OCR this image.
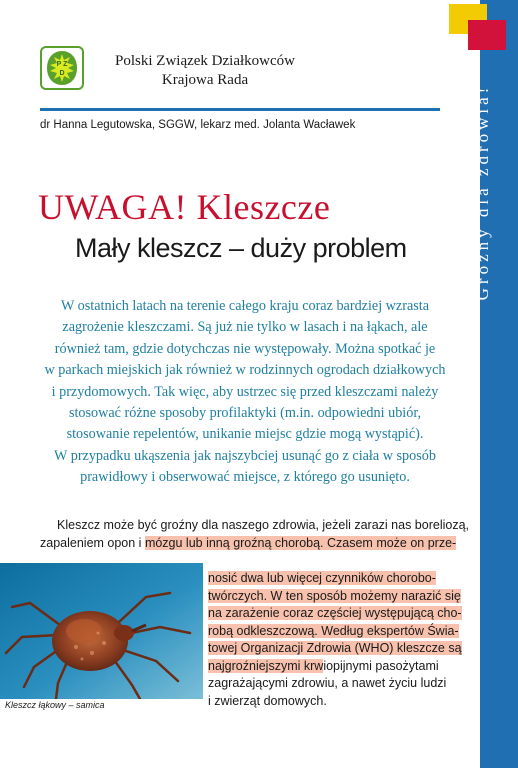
Groźny dla zdrowia!
P Z
D
Polski Związek Działkowców
Krajowa Rada
dr Hanna Legutowska, SGGW, lekarz med. Jolanta Wacławek
UWAGA! Kleszcze
Mały kleszcz – duży problem
W ostatnich latach na terenie całego kraju coraz bardziej wzrasta
zagrożenie kleszczami. Są już nie tylko w lasach i na łąkach, ale
również tam, gdzie dotychczas nie występowały. Można spotkać je
w parkach miejskich jak również w rodzinnych ogrodach działkowych
i przydomowych. Tak więc, aby ustrzec się przed kleszczami należy
stosować różne sposoby profilaktyki (m.in. odpowiedni ubiór,
stosowanie repelentów, unikanie miejsc gdzie mogą wystąpić).
W przypadku ukąszenia jak najszybciej usunąć go z ciała w sposób
prawidłowy i obserwować miejsce, z którego go usunięto.
Kleszcz może być groźny dla naszego zdrowia, jeżeli zarazi nas boreliozą,
zapaleniem opon i mózgu lub inną groźną chorobą. Czasem może on prze-
Kleszcz łąkowy – samica
nosić dwa lub więcej czynników chorobo-
twórczych. W ten sposób możemy narazić się
na zarażenie coraz częściej występującą cho-
robą odkleszczową. Według ekspertów Świa-
towej Organizacji Zdrowia (WHO) kleszcze są
najgroźniejszymi krwiopijnymi pasożytami
zagrażającymi zdrowiu, a nawet życiu ludzi
i zwierząt domowych.
